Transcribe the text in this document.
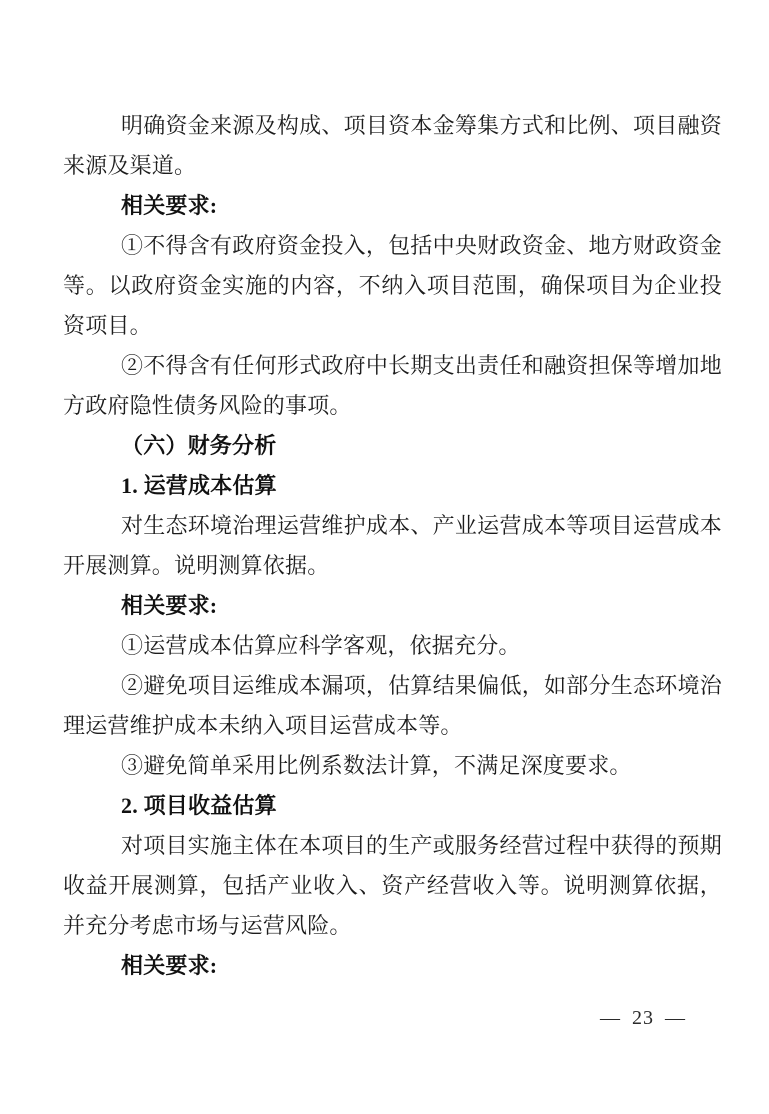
明确资金来源及构成、项目资本金筹集方式和比例、项目融资来源及渠道。

相关要求:

①不得含有政府资金投入，包括中央财政资金、地方财政资金等。以政府资金实施的内容，不纳入项目范围，确保项目为企业投资项目。

②不得含有任何形式政府中长期支出责任和融资担保等增加地方政府隐性债务风险的事项。

（六）财务分析

1. 运营成本估算

对生态环境治理运营维护成本、产业运营成本等项目运营成本开展测算。说明测算依据。

相关要求:

①运营成本估算应科学客观，依据充分。

②避免项目运维成本漏项，估算结果偏低，如部分生态环境治理运营维护成本未纳入项目运营成本等。

③避免简单采用比例系数法计算，不满足深度要求。

2. 项目收益估算

对项目实施主体在本项目的生产或服务经营过程中获得的预期收益开展测算，包括产业收入、资产经营收入等。说明测算依据，并充分考虑市场与运营风险。

相关要求:

— 23 —
